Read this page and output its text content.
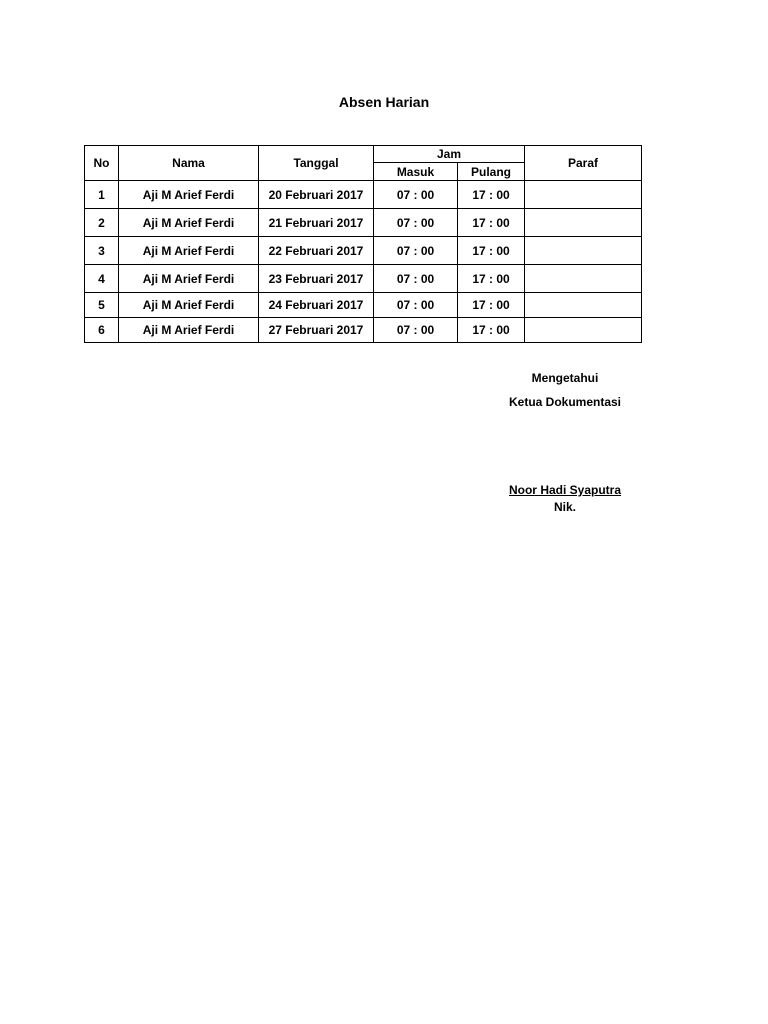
Absen Harian
No	Nama	Tanggal	Jam		Paraf
			Masuk	Pulang	
1	Aji M Arief Ferdi	20 Februari 2017	07 : 00	17 : 00	
2	Aji M Arief Ferdi	21 Februari 2017	07 : 00	17 : 00	
3	Aji M Arief Ferdi	22 Februari 2017	07 : 00	17 : 00	
4	Aji M Arief Ferdi	23 Februari 2017	07 : 00	17 : 00	
5	Aji M Arief Ferdi	24 Februari 2017	07 : 00	17 : 00	
6	Aji M Arief Ferdi	27 Februari 2017	07 : 00	17 : 00	
Mengetahui
Ketua Dokumentasi
Noor Hadi Syaputra
Nik.
